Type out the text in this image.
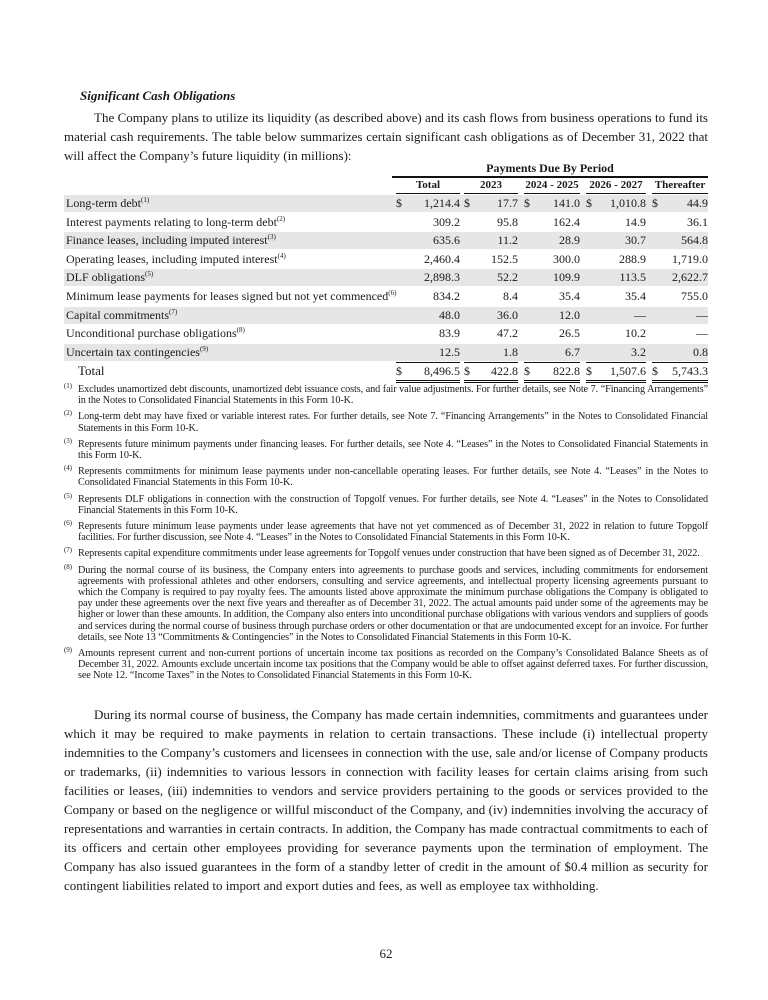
Significant Cash Obligations

The Company plans to utilize its liquidity (as described above) and its cash flows from business operations to fund its material cash requirements. The table below summarizes certain significant cash obligations as of December 31, 2022 that will affect the Company’s future liquidity (in millions):

Payments Due By Period
Total	2023	2024 - 2025 2026 - 2027	Thereafter
Long-term debt$^{(1)}$	$ 1,214.4 $ 17.7 $ 141.0 $ 1,010.8 $ 44.9
Interest payments relating to long-term debt$^{(2)}$	309.2	95.8	162.4	14.9	36.1
Finance leases, including imputed interest$^{(3)}$	635.6	11.2	28.9	30.7	564.8
Operating leases, including imputed interest$^{(4)}$	2,460.4	152.5	300.0	288.9 1,719.0
DLF obligations$^{(5)}$	2,898.3	52.2	109.9	113.5 2,622.7
Minimum lease payments for leases signed but not yet commenced$^{(6)}$	834.2	8.4	35.4	35.4	755.0
Capital commitments$^{(7)}$	48.0	36.0	12.0	—	—
Unconditional purchase obligations$^{(8)}$	83.9	47.2	26.5	10.2	—
Uncertain tax contingencies$^{(9)}$	12.5	1.8	6.7	3.2	0.8
Total	$ 8,496.5 $ 422.8 $ 822.8 $ 1,507.6 $ 5,743.3

(1) Excludes unamortized debt discounts, unamortized debt issuance costs, and fair value adjustments. For further details, see Note 7. “Financing Arrangements” in the Notes to Consolidated Financial Statements in this Form 10-K.

(2) Long-term debt may have fixed or variable interest rates. For further details, see Note 7. “Financing Arrangements” in the Notes to Consolidated Financial Statements in this Form 10-K.

(3) Represents future minimum payments under financing leases. For further details, see Note 4. “Leases” in the Notes to Consolidated Financial Statements in this Form 10-K.

(4) Represents commitments for minimum lease payments under non-cancellable operating leases. For further details, see Note 4. “Leases” in the Notes to Consolidated Financial Statements in this Form 10-K.

(5) Represents DLF obligations in connection with the construction of Topgolf venues. For further details, see Note 4. “Leases” in the Notes to Consolidated Financial Statements in this Form 10-K.

(6) Represents future minimum lease payments under lease agreements that have not yet commenced as of December 31, 2022 in relation to future Topgolf facilities. For further discussion, see Note 4. “Leases” in the Notes to Consolidated Financial Statements in this Form 10-K.

(7) Represents capital expenditure commitments under lease agreements for Topgolf venues under construction that have been signed as of December 31, 2022.

(8) During the normal course of its business, the Company enters into agreements to purchase goods and services, including commitments for endorsement agreements with professional athletes and other endorsers, consulting and service agreements, and intellectual property licensing agreements pursuant to which the Company is required to pay royalty fees. The amounts listed above approximate the minimum purchase obligations the Company is obligated to pay under these agreements over the next five years and thereafter as of December 31, 2022. The actual amounts paid under some of the agreements may be higher or lower than these amounts. In addition, the Company also enters into unconditional purchase obligations with various vendors and suppliers of goods and services during the normal course of business through purchase orders or other documentation or that are undocumented except for an invoice. For further details, see Note 13 “Commitments & Contingencies” in the Notes to Consolidated Financial Statements in this Form 10-K.

(9) Amounts represent current and non-current portions of uncertain income tax positions as recorded on the Company’s Consolidated Balance Sheets as of December 31, 2022. Amounts exclude uncertain income tax positions that the Company would be able to offset against deferred taxes. For further discussion, see Note 12. “Income Taxes” in the Notes to Consolidated Financial Statements in this Form 10-K.

During its normal course of business, the Company has made certain indemnities, commitments and guarantees under which it may be required to make payments in relation to certain transactions. These include (i) intellectual property indemnities to the Company’s customers and licensees in connection with the use, sale and/or license of Company products or trademarks, (ii) indemnities to various lessors in connection with facility leases for certain claims arising from such facilities or leases, (iii) indemnities to vendors and service providers pertaining to the goods or services provided to the Company or based on the negligence or willful misconduct of the Company, and (iv) indemnities involving the accuracy of representations and warranties in certain contracts. In addition, the Company has made contractual commitments to each of its officers and certain other employees providing for severance payments upon the termination of employment. The Company has also issued guarantees in the form of a standby letter of credit in the amount of $0.4 million as security for contingent liabilities related to import and export duties and fees, as well as employee tax withholding.

62
